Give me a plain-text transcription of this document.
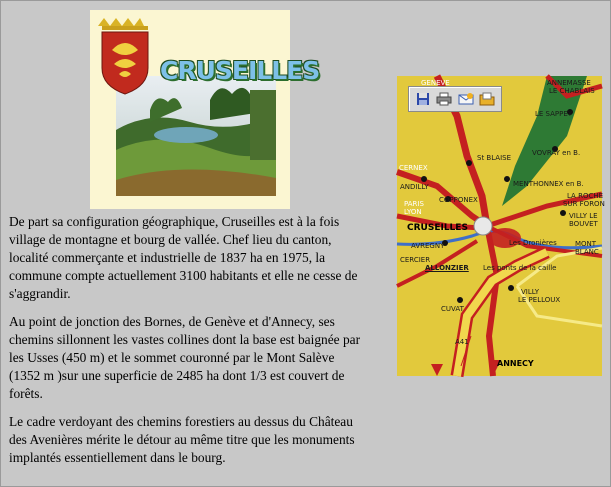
CRUSEILLES

De part sa configuration géographique, Cruseilles est à la fois village de montagne et bourg de vallée. Chef lieu du canton, localité commerçante et industrielle de 1837 ha en 1975, la commune compte actuellement 3100 habitants et elle ne cesse de s'aggrandir.

Au point de jonction des Bornes, de Genève et d'Annecy, ses chemins sillonnent les vastes collines dont la base est baignée par les Usses (450 m) et le sommet couronné par le Mont Salève (1352 m )sur une superficie de 2485 ha dont 1/3 est couvert de forêts.

Le cadre verdoyant des chemins forestiers au dessus du Château des Avenières mérite le détour au même titre que les monuments implantés essentiellement dans le bourg.

GENEVE	ANNEMASSE
LE CHABLAIS
LE SAPPEY
CERNEX
St BLAISE
VOVRAY en B.
ANDILLY	MENTHONNEX en B.
COPPONEX
PARIS
LYON
LA ROCHE
SUR FORON
VILLY LE
BOUVET
CRUSEILLES
Les Dronières	MONT
BLANC
AVREGNY
CERCIER
Les ponts de la caille
ALLONZIER
VILLY
LE PELLOUX
CUVAT
A41
ANNECY
